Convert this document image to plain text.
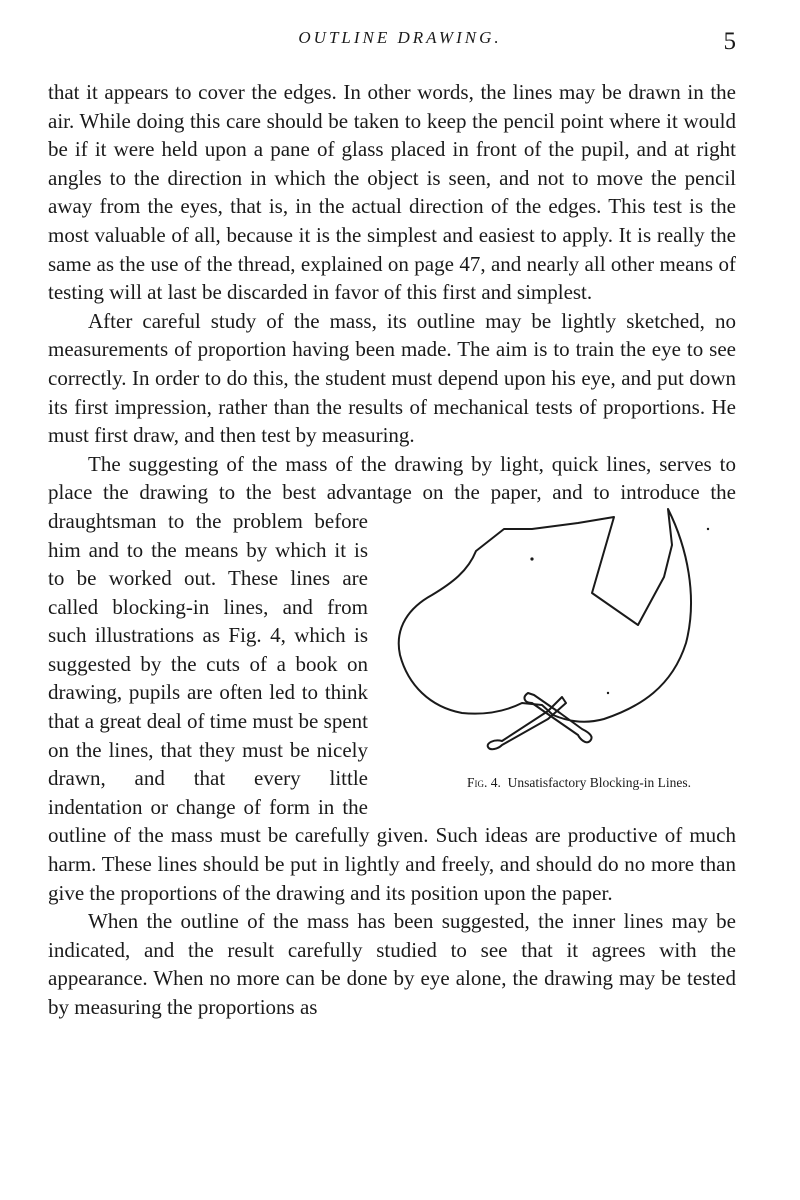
OUTLINE DRAWING.	5

that it appears to cover the edges. In other words, the lines may be drawn in the air. While doing this care should be taken to keep the pencil point where it would be if it were held upon a pane of glass placed in front of the pupil, and at right angles to the direction in which the object is seen, and not to move the pencil away from the eyes, that is, in the actual direction of the edges. This test is the most valuable of all, because it is the simplest and easiest to apply. It is really the same as the use of the thread, explained on page 47, and nearly all other means of testing will at last be discarded in favor of this first and simplest.

After careful study of the mass, its outline may be lightly sketched, no measurements of proportion having been made. The aim is to train the eye to see correctly. In order to do this, the student must depend upon his eye, and put down its first impression, rather than the results of mechanical tests of proportions. He must first draw, and then test by measuring.

The suggesting of the mass of the drawing by light, quick lines, serves to place the drawing to the best advantage on the paper, and
Fig. 4. Unsatisfactory Blocking-in Lines.
to introduce the draughtsman to the problem before him and to the means by which it is to be worked out. These lines are called blocking-in lines, and from such illustrations as Fig. 4, which is suggested by the cuts of a book on drawing, pupils are often led to think that a great deal of time must be spent on the lines, that they must be nicely drawn, and that every little indentation or change of form in the outline of the mass must be carefully given. Such ideas are productive of much harm. These lines should be put in lightly and freely, and should do no more than give the proportions of the drawing and its position upon the paper.

When the outline of the mass has been suggested, the inner lines may be indicated, and the result carefully studied to see that it agrees with the appearance. When no more can be done by eye alone, the drawing may be tested by measuring the proportions as
